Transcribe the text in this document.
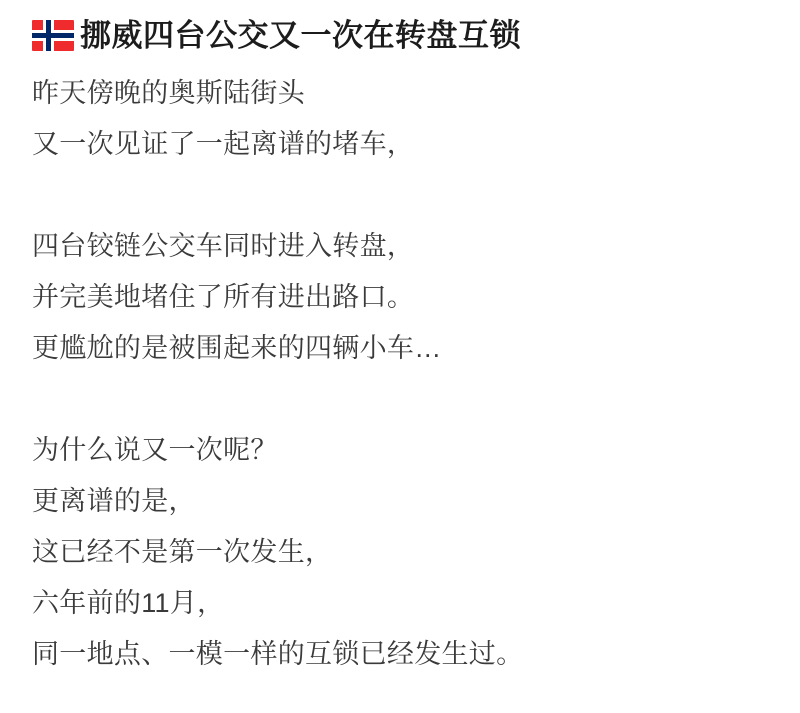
挪威四台公交又一次在转盘互锁
昨天傍晚的奥斯陆街头
又一次见证了一起离谱的堵车，
四台铰链公交车同时进入转盘，
并完美地堵住了所有进出路口。
更尴尬的是被围起来的四辆小车…
为什么说又一次呢？
更离谱的是，
这已经不是第一次发生，
六年前的11月，
同一地点、一模一样的互锁已经发生过。
